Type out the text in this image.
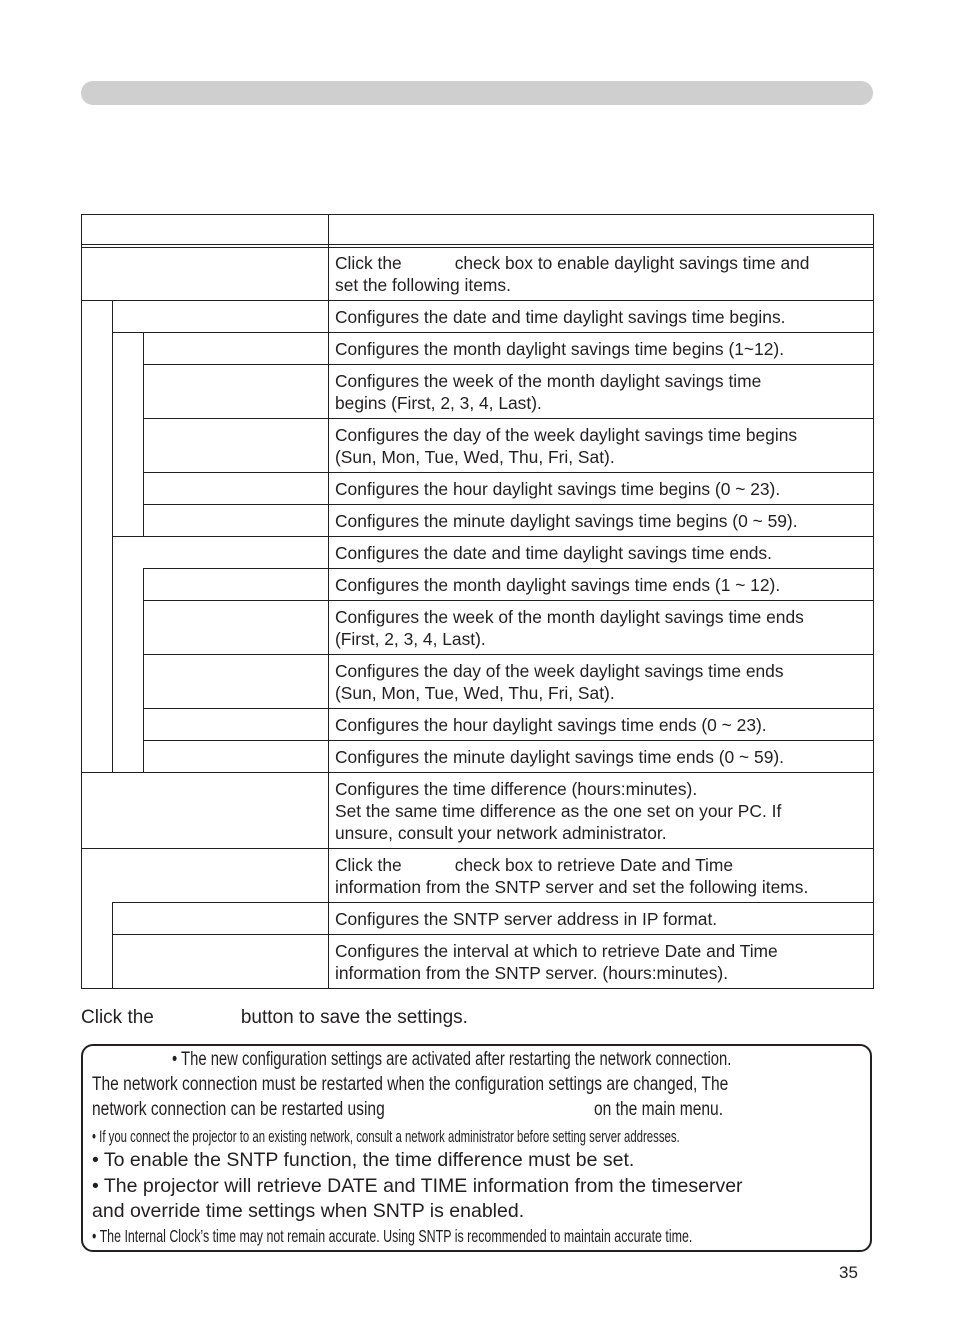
Click the	check box to enable daylight savings time and
set the following items.
Configures the date and time daylight savings time begins.
Configures the month daylight savings time begins (1~12).
Configures the week of the month daylight savings time
begins (First, 2, 3, 4, Last).
Configures the day of the week daylight savings time begins
(Sun, Mon, Tue, Wed, Thu, Fri, Sat).
Configures the hour daylight savings time begins (0 ~ 23).
Configures the minute daylight savings time begins (0 ~ 59).
Configures the date and time daylight savings time ends.
Configures the month daylight savings time ends (1 ~ 12).
Configures the week of the month daylight savings time ends
(First, 2, 3, 4, Last).
Configures the day of the week daylight savings time ends
(Sun, Mon, Tue, Wed, Thu, Fri, Sat).
Configures the hour daylight savings time ends (0 ~ 23).
Configures the minute daylight savings time ends (0 ~ 59).
Configures the time difference (hours:minutes).
Set the same time difference as the one set on your PC. If
unsure, consult your network administrator.
Click the	check box to retrieve Date and Time
information from the SNTP server and set the following items.
Configures the SNTP server address in IP format.
Configures the interval at which to retrieve Date and Time
information from the SNTP server. (hours:minutes).
Click the	button to save the settings.
• The new configuration settings are activated after restarting the network connection.
The network connection must be restarted when the configuration settings are changed, The
network connection can be restarted using	on the main menu.
• If you connect the projector to an existing network, consult a network administrator before setting server addresses.
• To enable the SNTP function, the time difference must be set.
• The projector will retrieve DATE and TIME information from the timeserver
and override time settings when SNTP is enabled.
• The Internal Clock’s time may not remain accurate. Using SNTP is recommended to maintain accurate time.
35
